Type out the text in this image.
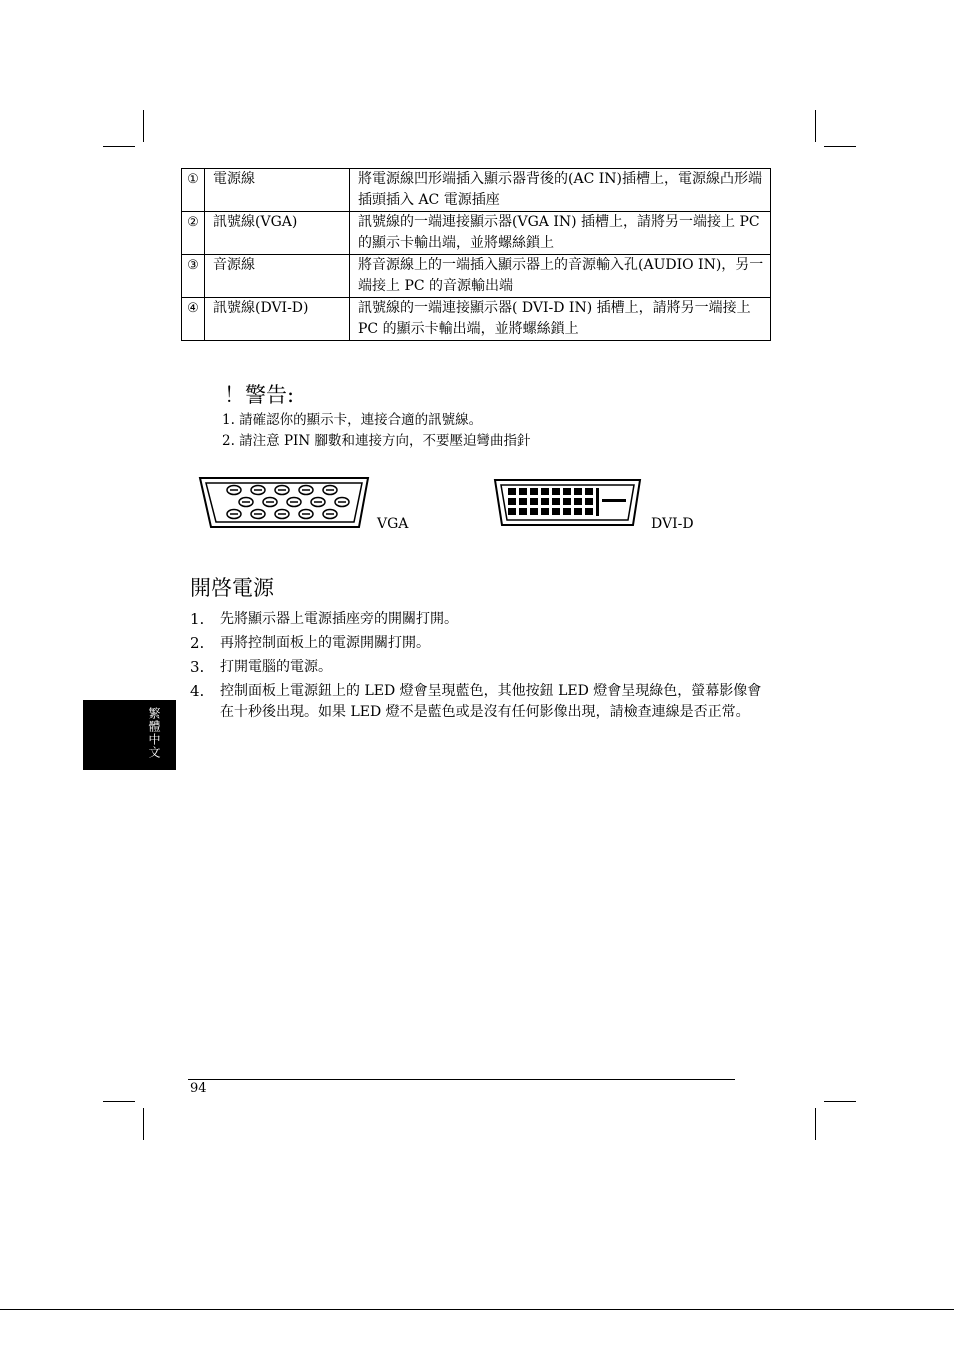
①	電源線	將電源線凹形端插入顯示器背後的(AC IN)插槽上，電源線凸形端插頭插入 AC 電源插座
②	訊號線(VGA)	訊號線的一端連接顯示器(VGA IN) 插槽上，請將另一端接上 PC 的顯示卡輸出端，並將螺絲鎖上
③	音源線	將音源線上的一端插入顯示器上的音源輸入孔(AUDIO IN)，另一端接上 PC 的音源輸出端
④	訊號線(DVI-D)	訊號線的一端連接顯示器( DVI-D IN) 插槽上，請將另一端接上 PC 的顯示卡輸出端，並將螺絲鎖上
！警告:
1. 請確認你的顯示卡，連接合適的訊號線。
2. 請注意 PIN 腳數和連接方向，不要壓迫彎曲指針
VGA	DVI-D
開啓電源
1. 先將顯示器上電源插座旁的開關打開。
2. 再將控制面板上的電源開關打開。
3. 打開電腦的電源。
4. 控制面板上電源鈕上的 LED 燈會呈現藍色，其他按鈕 LED 燈會呈現綠色，螢幕影像會在十秒後出現。如果 LED 燈不是藍色或是沒有任何影像出現，請檢查連線是否正常。
繁體中文
94
